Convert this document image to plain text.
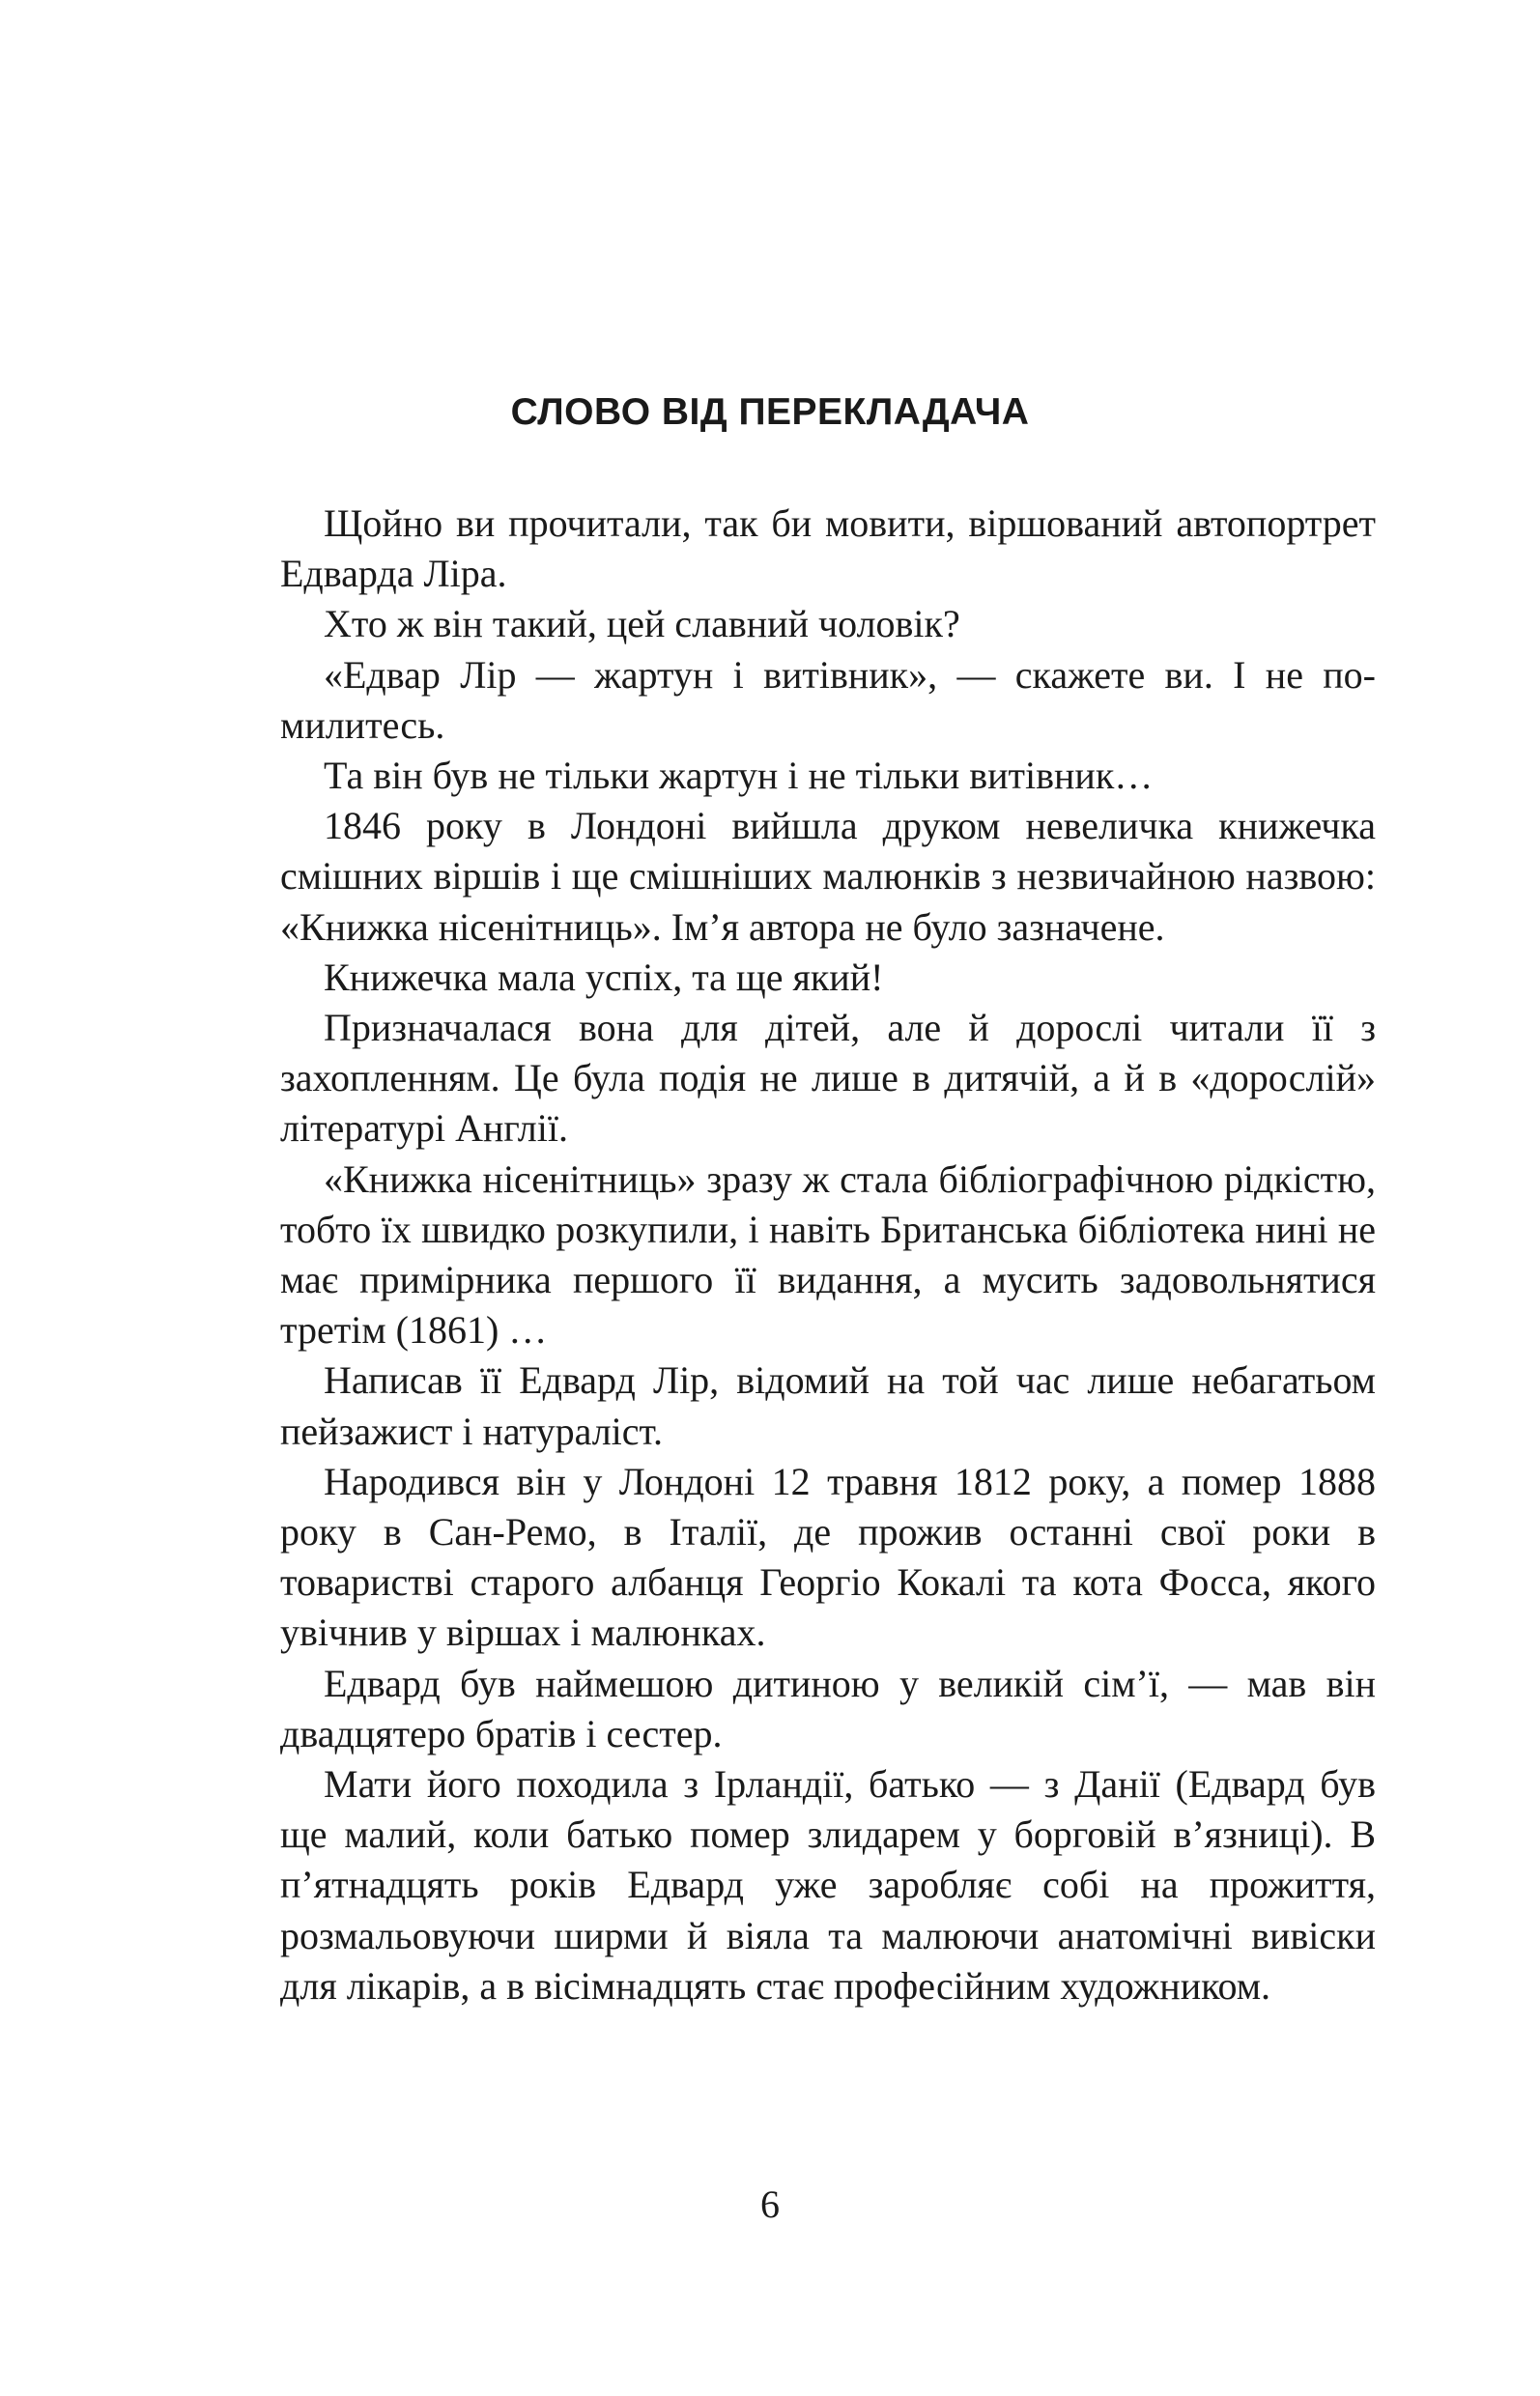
СЛОВО ВІД ПЕРЕКЛАДАЧА

Щойно ви прочитали, так би мовити, віршований автопортрет Едварда Ліра.

Хто ж він такий, цей славний чоловік?

«Едвар Лір — жартун і витівник», — скажете ви. І не помилитесь.

Та він був не тільки жартун і не тільки витівник…

1846 року в Лондоні вийшла друком невеличка книжечка смішних віршів і ще смішніших малюнків з незвичайною назвою: «Книжка нісенітниць». Ім’я автора не було зазначене.

Книжечка мала успіх, та ще який!

Призначалася вона для дітей, але й дорослі читали її з захопленням. Це була подія не лише в дитячій, а й в «дорослій» літературі Англії.

«Книжка нісенітниць» зразу ж стала бібліографічною рідкістю, тобто їх швидко розкупили, і навіть Британська бібліотека нині не має примірника першого її видання, а мусить задовольнятися третім (1861) …

Написав її Едвард Лір, відомий на той час лише небагатьом пейзажист і натураліст.

Народився він у Лондоні 12 травня 1812 року, а помер 1888 року в Сан-Ремо, в Італії, де прожив останні свої роки в товаристві старого албанця Георгіо Кокалі та кота Фосса, якого увічнив у віршах і малюнках.

Едвард був наймешою дитиною у великій сім’ї, — мав він двадцятеро братів і сестер.

Мати його походила з Ірландії, батько — з Данії (Едвард був ще малий, коли батько помер злидарем у борговій в’язниці). В п’ятнадцять років Едвард уже заробляє собі на прожиття, розмальовуючи ширми й віяла та малюючи анатомічні вивіски для лікарів, а в вісімнадцять стає професійним художником.

6
